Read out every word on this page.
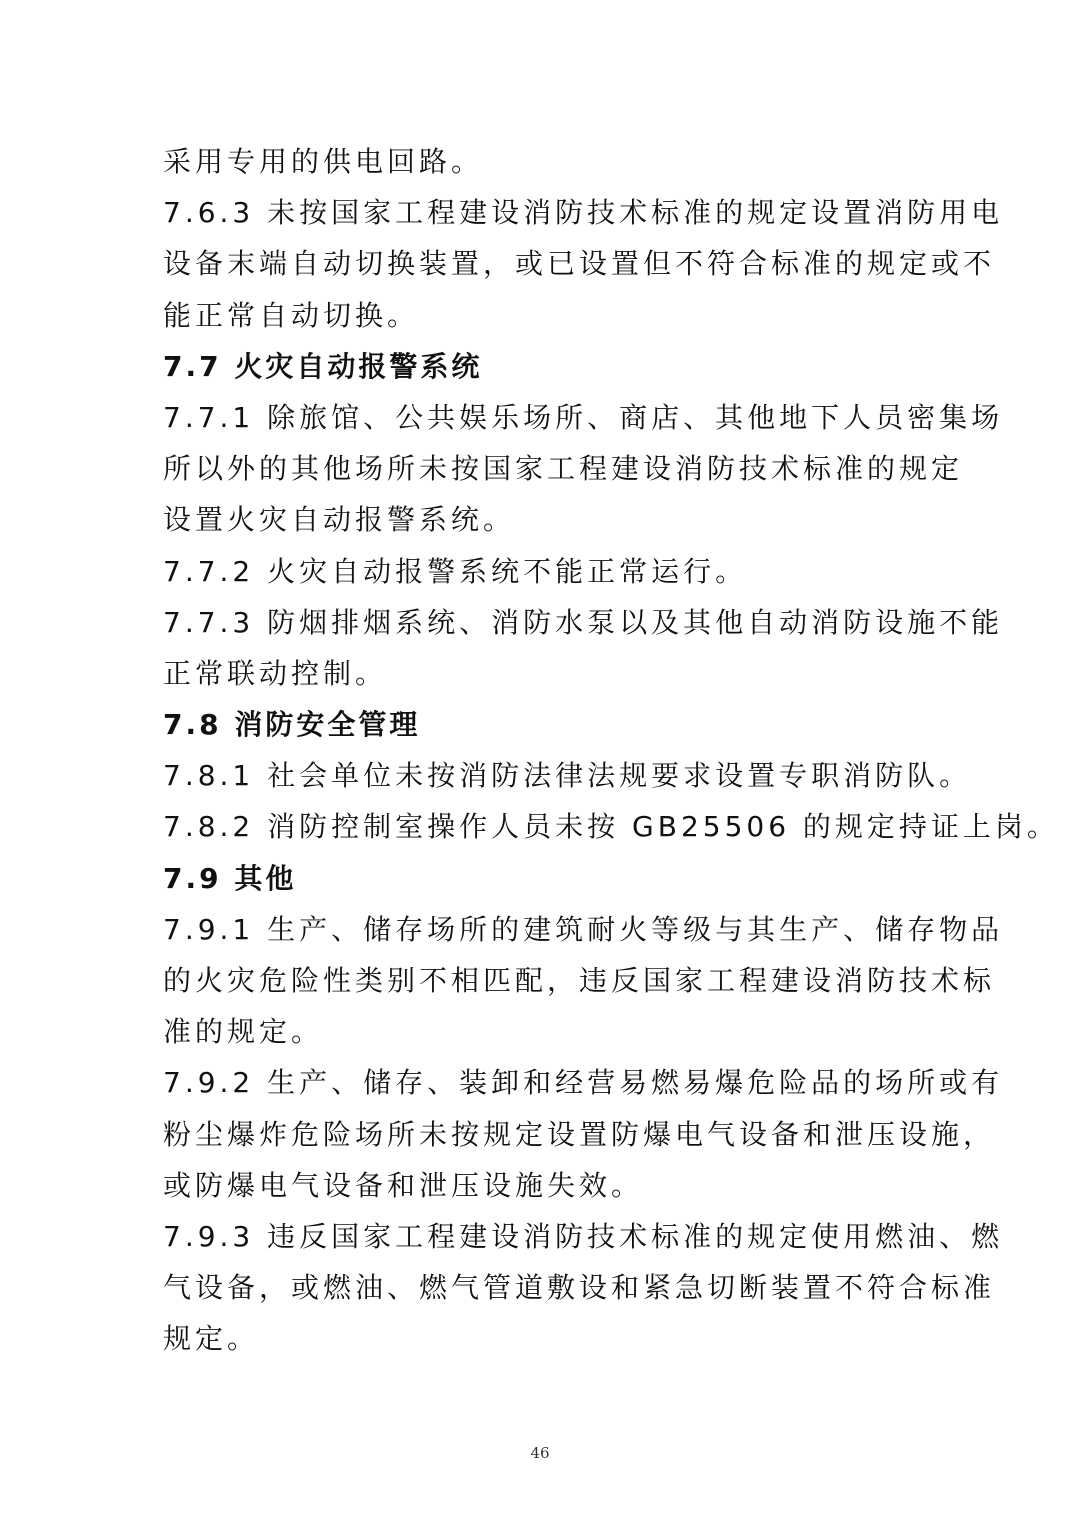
采用专用的供电回路。
7.6.3 未按国家工程建设消防技术标准的规定设置消防用电
设备末端自动切换装置，或已设置但不符合标准的规定或不
能正常自动切换。
7.7 火灾自动报警系统
7.7.1 除旅馆、公共娱乐场所、商店、其他地下人员密集场
所以外的其他场所未按国家工程建设消防技术标准的规定
设置火灾自动报警系统。
7.7.2 火灾自动报警系统不能正常运行。
7.7.3 防烟排烟系统、消防水泵以及其他自动消防设施不能
正常联动控制。
7.8 消防安全管理
7.8.1 社会单位未按消防法律法规要求设置专职消防队。
7.8.2 消防控制室操作人员未按 GB25506 的规定持证上岗。
7.9 其他
7.9.1 生产、储存场所的建筑耐火等级与其生产、储存物品
的火灾危险性类别不相匹配，违反国家工程建设消防技术标
准的规定。
7.9.2 生产、储存、装卸和经营易燃易爆危险品的场所或有
粉尘爆炸危险场所未按规定设置防爆电气设备和泄压设施，
或防爆电气设备和泄压设施失效。
7.9.3 违反国家工程建设消防技术标准的规定使用燃油、燃
气设备，或燃油、燃气管道敷设和紧急切断装置不符合标准
规定。
46
